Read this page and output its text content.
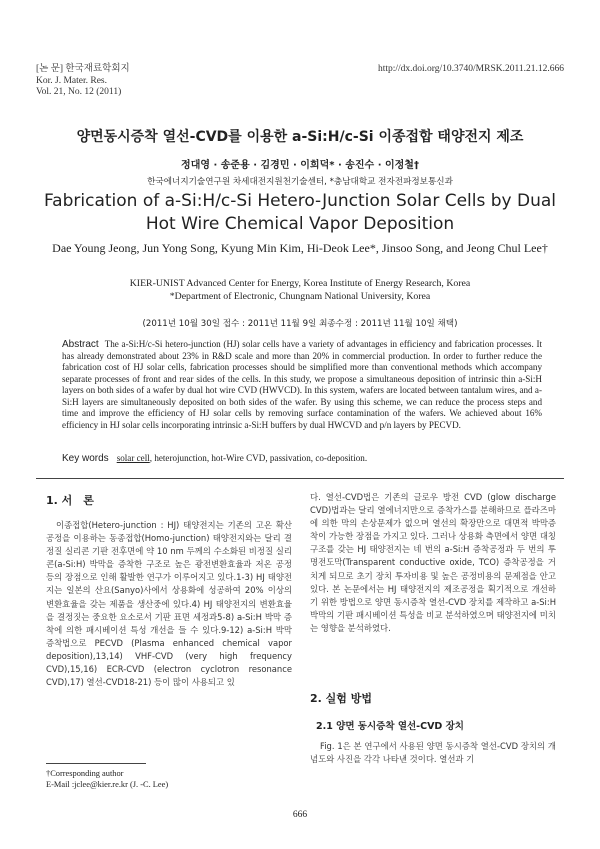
[논 문] 한국재료학회지
Kor. J. Mater. Res.
Vol. 21, No. 12 (2011)
http://dx.doi.org/10.3740/MRSK.2011.21.12.666
양면동시증착 열선-CVD를 이용한 a-Si:H/c-Si 이종접합 태양전지 제조
정대영 · 송준용 · 김경민 · 이희덕* · 송진수 · 이정철†
한국에너지기술연구원 차세대전지원천기술센터, *충남대학교 전자전파정보통신과
Fabrication of a-Si:H/c-Si Hetero-Junction Solar Cells by Dual Hot Wire Chemical Vapor Deposition
Dae Young Jeong, Jun Yong Song, Kyung Min Kim, Hi-Deok Lee*, Jinsoo Song, and Jeong Chul Lee†
KIER-UNIST Advanced Center for Energy, Korea Institute of Energy Research, Korea
*Department of Electronic, Chungnam National University, Korea
(2011년 10월 30일 접수 : 2011년 11월 9일 최종수정 : 2011년 11월 10일 채택)
Abstract The a-Si:H/c-Si hetero-junction (HJ) solar cells have a variety of advantages in efficiency and fabrication processes. It has already demonstrated about 23% in R&D scale and more than 20% in commercial production. In order to further reduce the fabrication cost of HJ solar cells, fabrication processes should be simplified more than conventional methods which accompany separate processes of front and rear sides of the cells. In this study, we propose a simultaneous deposition of intrinsic thin a-Si:H layers on both sides of a wafer by dual hot wire CVD (HWVCD). In this system, wafers are located between tantalum wires, and a-Si:H layers are simultaneously deposited on both sides of the wafer. By using this scheme, we can reduce the process steps and time and improve the efficiency of HJ solar cells by removing surface contamination of the wafers. We achieved about 16% efficiency in HJ solar cells incorporating intrinsic a-Si:H buffers by dual HWCVD and p/n layers by PECVD.
Key words solar cell, heterojunction, hot-Wire CVD, passivation, co-deposition.
1. 서　론
이종접합(Hetero-junction : HJ) 태양전지는 기존의 고온 확산공정을 이용하는 동종접합(Homo-junction) 태양전지와는 달리 결정질 실리콘 기판 전후면에 약 10 nm 두께의 수소화된 비정질 실리콘(a-Si:H) 박막을 증착한 구조로 높은 광전변환효율과 저온 공정 등의 장점으로 인해 활발한 연구가 이루어지고 있다.1-3) HJ 태양전지는 일본의 산요(Sanyo)사에서 상용화에 성공하여 20% 이상의 변환효율을 갖는 제품을 생산중에 있다.4) HJ 태양전지의 변환효율을 결정짓는 중요한 요소로서 기판 표면 세정과5-8) a-Si:H 박막 증착에 의한 패시베이션 특성 개선을 들 수 있다.9-12) a-Si:H 박막 증착법으로 PECVD (Plasma enhanced chemical vapor deposition),13,14) VHF-CVD (very high frequency CVD),15,16) ECR-CVD (electron cyclotron resonance CVD),17) 열선-CVD18-21) 등이 많이 사용되고 있
†Corresponding author
E-Mail :jclee@kier.re.kr (J. -C. Lee)
다. 열선-CVD법은 기존의 글로우 방전 CVD (glow discharge CVD)법과는 달리 열에너지만으로 증착가스를 분해하므로 플라즈마에 의한 막의 손상문제가 없으며 열선의 확장만으로 대면적 박막증착이 가능한 장점을 가지고 있다. 그러나 상용화 측면에서 양면 대칭구조를 갖는 HJ 태양전지는 네 번의 a-Si:H 증착공정과 두 번의 투명전도막(Transparent conductive oxide, TCO) 증착공정을 거치게 되므로 초기 장치 투자비용 및 높은 공정비용의 문제점을 안고 있다. 본 논문에서는 HJ 태양전지의 제조공정을 획기적으로 개선하기 위한 방법으로 양면 동시증착 열선-CVD 장치를 제작하고 a-Si:H 박막의 기판 패시베이션 특성을 비교 분석하였으며 태양전지에 미치는 영향을 분석하였다.
2. 실험 방법
2.1 양면 동시증착 열선-CVD 장치
Fig. 1은 본 연구에서 사용된 양면 동시증착 열선-CVD 장치의 개념도와 사진을 각각 나타낸 것이다. 열선과 기
666
